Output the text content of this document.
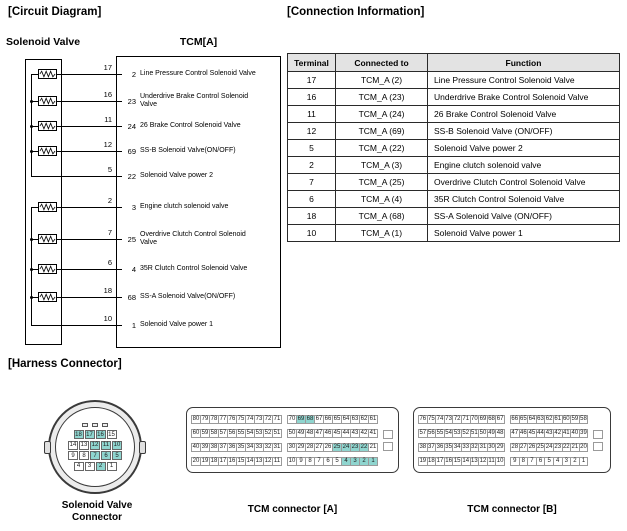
[Circuit Diagram]	[Connection Information]
[Harness Connector]
Solenoid Valve	TCM[A]
17
2 Line Pressure Control Solenoid Valve
16
23
Underdrive Brake Control Solenoid Valve
11
24 26 Brake Control Solenoid Valve
12
69 SS-B Solenoid Valve(ON/OFF)
5
22 Solenoid Valve power 2
2
3 Engine clutch solenoid valve
7
25
Overdrive Clutch Control Solenoid Valve
6
4 35R Clutch Control Solenoid Valve
18
68 SS-A Solenoid Valve(ON/OFF)
10
1 Solenoid Valve power 1
Terminal	Connected to	Function
17	TCM_A (2)	Line Pressure Control Solenoid Valve
16	TCM_A (23)	Underdrive Brake Control Solenoid Valve
11	TCM_A (24)	26 Brake Control Solenoid Valve
12	TCM_A (69)	SS-B Solenoid Valve (ON/OFF)
5	TCM_A (22)	Solenoid Valve power 2
2	TCM_A (3)	Engine clutch solenoid valve
7	TCM_A (25)	Overdrive Clutch Control Solenoid Valve
6	TCM_A (4)	35R Clutch Control Solenoid Valve
18	TCM_A (68)	SS-A Solenoid Valve (ON/OFF)
10	TCM_A (1)	Solenoid Valve power 1
18 17 16 15
14 13 12 11 10
9	8	7	6	5
4	3	2	1
80 79 78 77 76 75 74 73 72 71 70 69 68 67 66 65 64 63 62 61
60 59 58 57 56 55 54 53 52 51 50 49 48 47 46 45 44 43 42 41
40 39 38 37 36 35 34 33 32 31 30 29 28 27 26 25 24 23 22 21
20 19 18 17 16 15 14 13 12 11	10 9 8 7 6 5 4 3 2 1
76 75 74 73 72 71 70 69 68 67 66 65 64 63 62 61 60 59 58
57 56 55 54 53 52 51 50 49 48 47 46 45 44 43 42 41 40 39
38 37 36 35 34 33 32 31 30 29 28 27 26 25 24 23 22 21 20
19 18 17 16 15 14 13 12 11 10	9 8 7 6 5 4 3 2 1
Solenoid Valve
Connector
TCM connector [A]	TCM connector [B]
